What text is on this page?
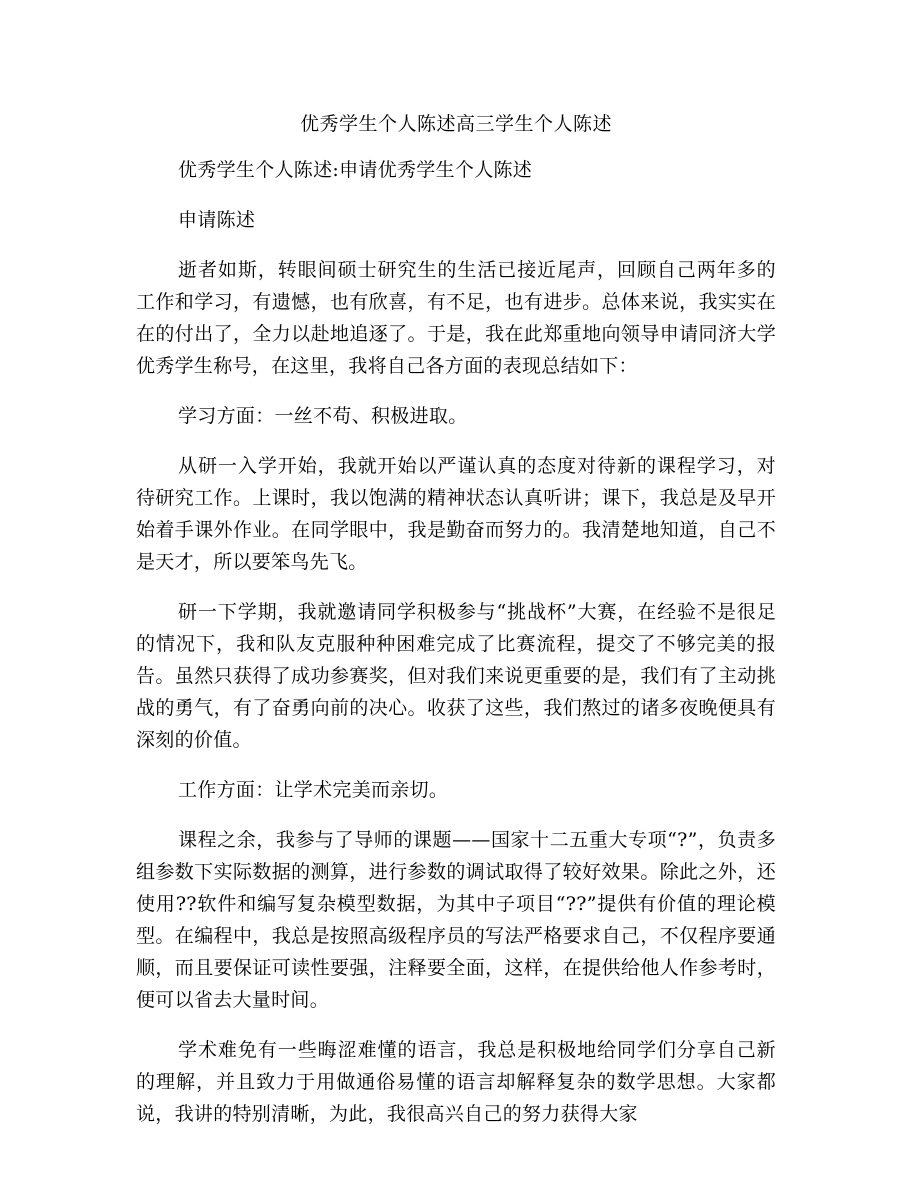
优秀学生个人陈述高三学生个人陈述

优秀学生个人陈述:申请优秀学生个人陈述

申请陈述

逝者如斯，转眼间硕士研究生的生活已接近尾声，回顾自己两年多的工作和学习，有遗憾，也有欣喜，有不足，也有进步。总体来说，我实实在在的付出了，全力以赴地追逐了。于是，我在此郑重地向领导申请同济大学优秀学生称号，在这里，我将自己各方面的表现总结如下：

学习方面：一丝不苟、积极进取。

从研一入学开始，我就开始以严谨认真的态度对待新的课程学习，对待研究工作。上课时，我以饱满的精神状态认真听讲；课下，我总是及早开始着手课外作业。在同学眼中，我是勤奋而努力的。我清楚地知道，自己不是天才，所以要笨鸟先飞。

研一下学期，我就邀请同学积极参与“挑战杯”大赛，在经验不是很足的情况下，我和队友克服种种困难完成了比赛流程，提交了不够完美的报告。虽然只获得了成功参赛奖，但对我们来说更重要的是，我们有了主动挑战的勇气，有了奋勇向前的决心。收获了这些，我们熬过的诸多夜晚便具有深刻的价值。

工作方面：让学术完美而亲切。

课程之余，我参与了导师的课题——国家十二五重大专项“?”，负责多组参数下实际数据的测算，进行参数的调试取得了较好效果。除此之外，还使用??软件和编写复杂模型数据，为其中子项目“??”提供有价值的理论模型。在编程中，我总是按照高级程序员的写法严格要求自己，不仅程序要通顺，而且要保证可读性要强，注释要全面，这样，在提供给他人作参考时，便可以省去大量时间。

学术难免有一些晦涩难懂的语言，我总是积极地给同学们分享自己新的理解，并且致力于用做通俗易懂的语言却解释复杂的数学思想。大家都说，我讲的特别清晰，为此，我很高兴自己的努力获得大家
